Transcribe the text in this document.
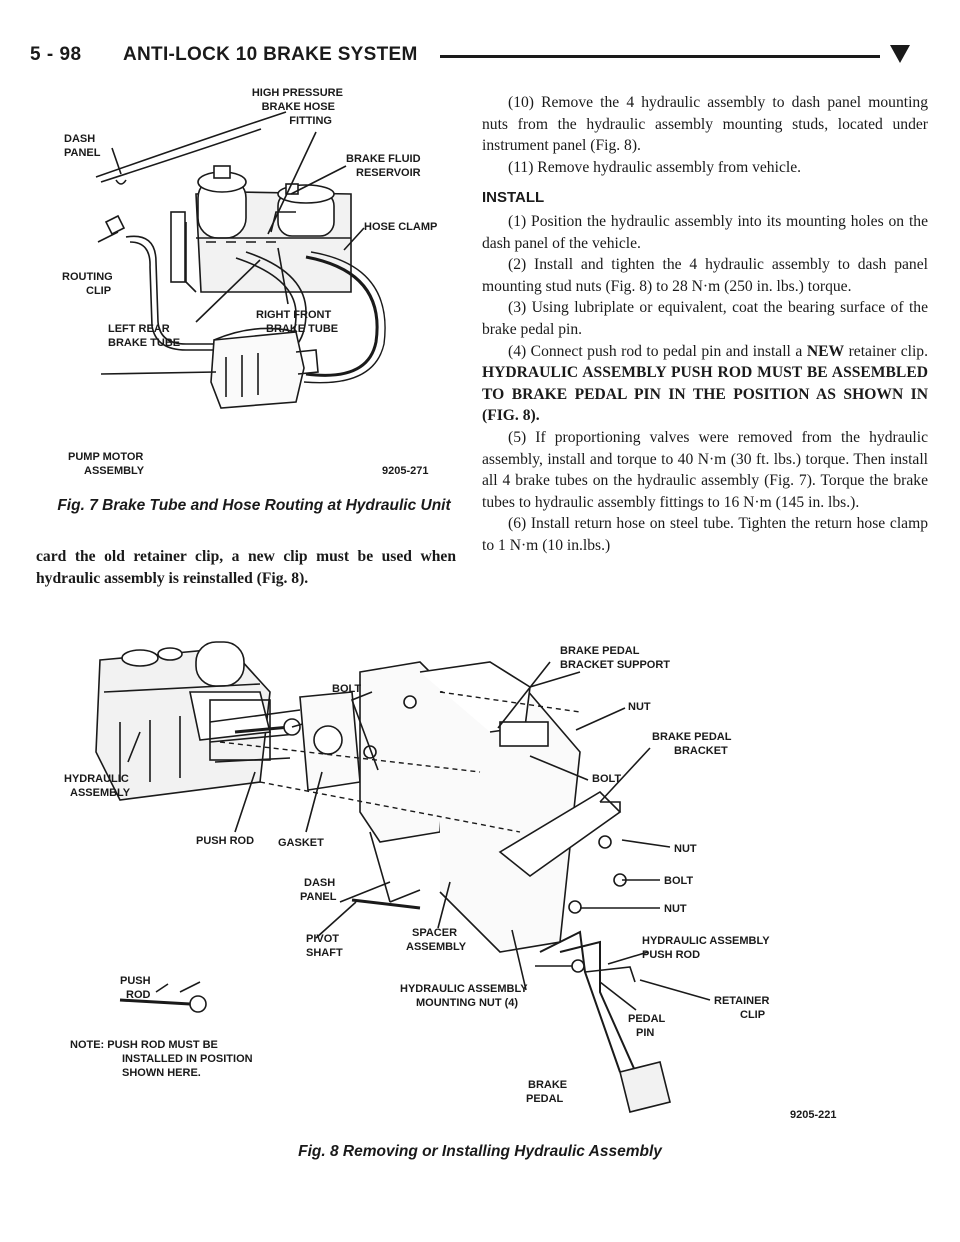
5 - 98 ANTI-LOCK 10 BRAKE SYSTEM
DASH PANEL
HIGH PRESSURE BRAKE HOSE FITTING
BRAKE FLUID RESERVOIR
HOSE CLAMP
ROUTING CLIP
RIGHT FRONT BRAKE TUBE
LEFT REAR BRAKE TUBE
PUMP MOTOR ASSEMBLY	9205-271
Fig. 7 Brake Tube and Hose Routing at Hydraulic Unit

card the old retainer clip, a new clip must be used when hydraulic assembly is reinstalled (Fig. 8).

(10) Remove the 4 hydraulic assembly to dash panel mounting nuts from the hydraulic assembly mounting studs, located under instrument panel (Fig. 8).

(11) Remove hydraulic assembly from vehicle.

INSTALL

(1) Position the hydraulic assembly into its mounting holes on the dash panel of the vehicle.

(2) Install and tighten the 4 hydraulic assembly to dash panel mounting stud nuts (Fig. 8) to 28 N·m (250 in. lbs.) torque.

(3) Using lubriplate or equivalent, coat the bearing surface of the brake pedal pin.

(4) Connect push rod to pedal pin and install a NEW retainer clip. HYDRAULIC ASSEMBLY PUSH ROD MUST BE ASSEMBLED TO BRAKE PEDAL PIN IN THE POSITION AS SHOWN IN (FIG. 8).

(5) If proportioning valves were removed from the hydraulic assembly, install and torque to 40 N·m (30 ft. lbs.) torque. Then install all 4 brake tubes on the hydraulic assembly (Fig. 7). Torque the brake tubes to hydraulic assembly fittings to 16 N·m (145 in. lbs.).

(6) Install return hose on steel tube. Tighten the return hose clamp to 1 N·m (10 in.lbs.)

BRAKE PEDAL BRACKET SUPPORT
BOLT
NUT
BRAKE PEDAL BRACKET
BOLT
HYDRAULIC ASSEMBLY
PUSH ROD GASKET	NUT
BOLT
NUT
DASH PANEL
PIVOT SHAFT
SPACER ASSEMBLY	HYDRAULIC ASSEMBLY PUSH ROD
HYDRAULIC ASSEMBLY MOUNTING NUT (4)	RETAINER CLIP
PEDAL PIN
PUSH ROD
NOTE: PUSH ROD MUST BE INSTALLED IN POSITION SHOWN HERE.
BRAKE PEDAL
9205-221
Fig. 8 Removing or Installing Hydraulic Assembly
